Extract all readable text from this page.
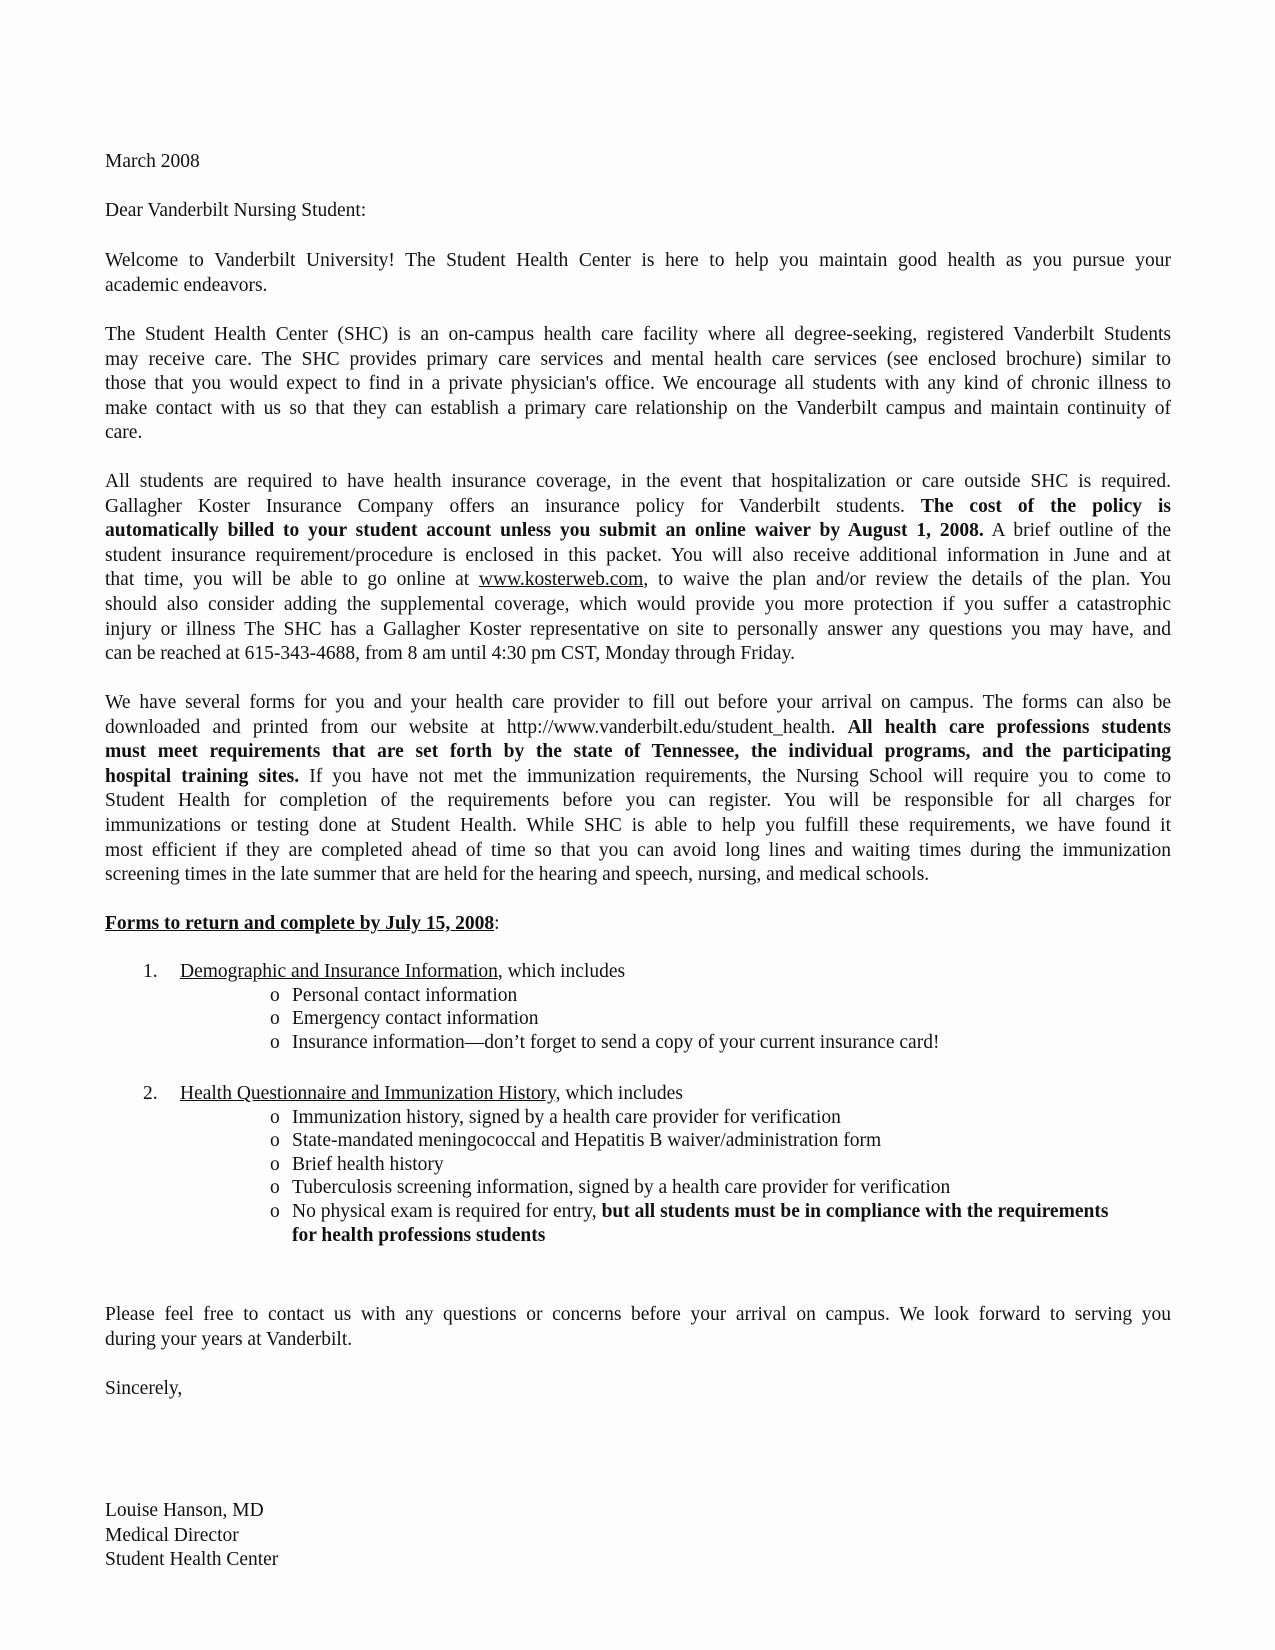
March 2008
Dear Vanderbilt Nursing Student:
Welcome to Vanderbilt University! The Student Health Center is here to help you maintain good health as you pursue your
academic endeavors.
The Student Health Center (SHC) is an on-campus health care facility where all degree-seeking, registered Vanderbilt Students
may receive care. The SHC provides primary care services and mental health care services (see enclosed brochure) similar to
those that you would expect to find in a private physician's office. We encourage all students with any kind of chronic illness to
make contact with us so that they can establish a primary care relationship on the Vanderbilt campus and maintain continuity of
care.
All students are required to have health insurance coverage, in the event that hospitalization or care outside SHC is required.
Gallagher Koster Insurance Company offers an insurance policy for Vanderbilt students. The cost of the policy is
automatically billed to your student account unless you submit an online waiver by August 1, 2008. A brief outline of the
student insurance requirement/procedure is enclosed in this packet. You will also receive additional information in June and at
that time, you will be able to go online at www.kosterweb.com, to waive the plan and/or review the details of the plan. You
should also consider adding the supplemental coverage, which would provide you more protection if you suffer a catastrophic
injury or illness The SHC has a Gallagher Koster representative on site to personally answer any questions you may have, and
can be reached at 615-343-4688, from 8 am until 4:30 pm CST, Monday through Friday.
We have several forms for you and your health care provider to fill out before your arrival on campus. The forms can also be
downloaded and printed from our website at http://www.vanderbilt.edu/student_health. All health care professions students
must meet requirements that are set forth by the state of Tennessee, the individual programs, and the participating
hospital training sites. If you have not met the immunization requirements, the Nursing School will require you to come to
Student Health for completion of the requirements before you can register. You will be responsible for all charges for
immunizations or testing done at Student Health. While SHC is able to help you fulfill these requirements, we have found it
most efficient if they are completed ahead of time so that you can avoid long lines and waiting times during the immunization
screening times in the late summer that are held for the hearing and speech, nursing, and medical schools.
Forms to return and complete by July 15, 2008:
1. Demographic and Insurance Information, which includes
o Personal contact information
o Emergency contact information
o Insurance information—don’t forget to send a copy of your current insurance card!
2. Health Questionnaire and Immunization History, which includes
o Immunization history, signed by a health care provider for verification
o State-mandated meningococcal and Hepatitis B waiver/administration form
o Brief health history
o Tuberculosis screening information, signed by a health care provider for verification
o No physical exam is required for entry, but all students must be in compliance with the requirements
for health professions students
Please feel free to contact us with any questions or concerns before your arrival on campus. We look forward to serving you
during your years at Vanderbilt.
Sincerely,
Louise Hanson, MD
Medical Director
Student Health Center
